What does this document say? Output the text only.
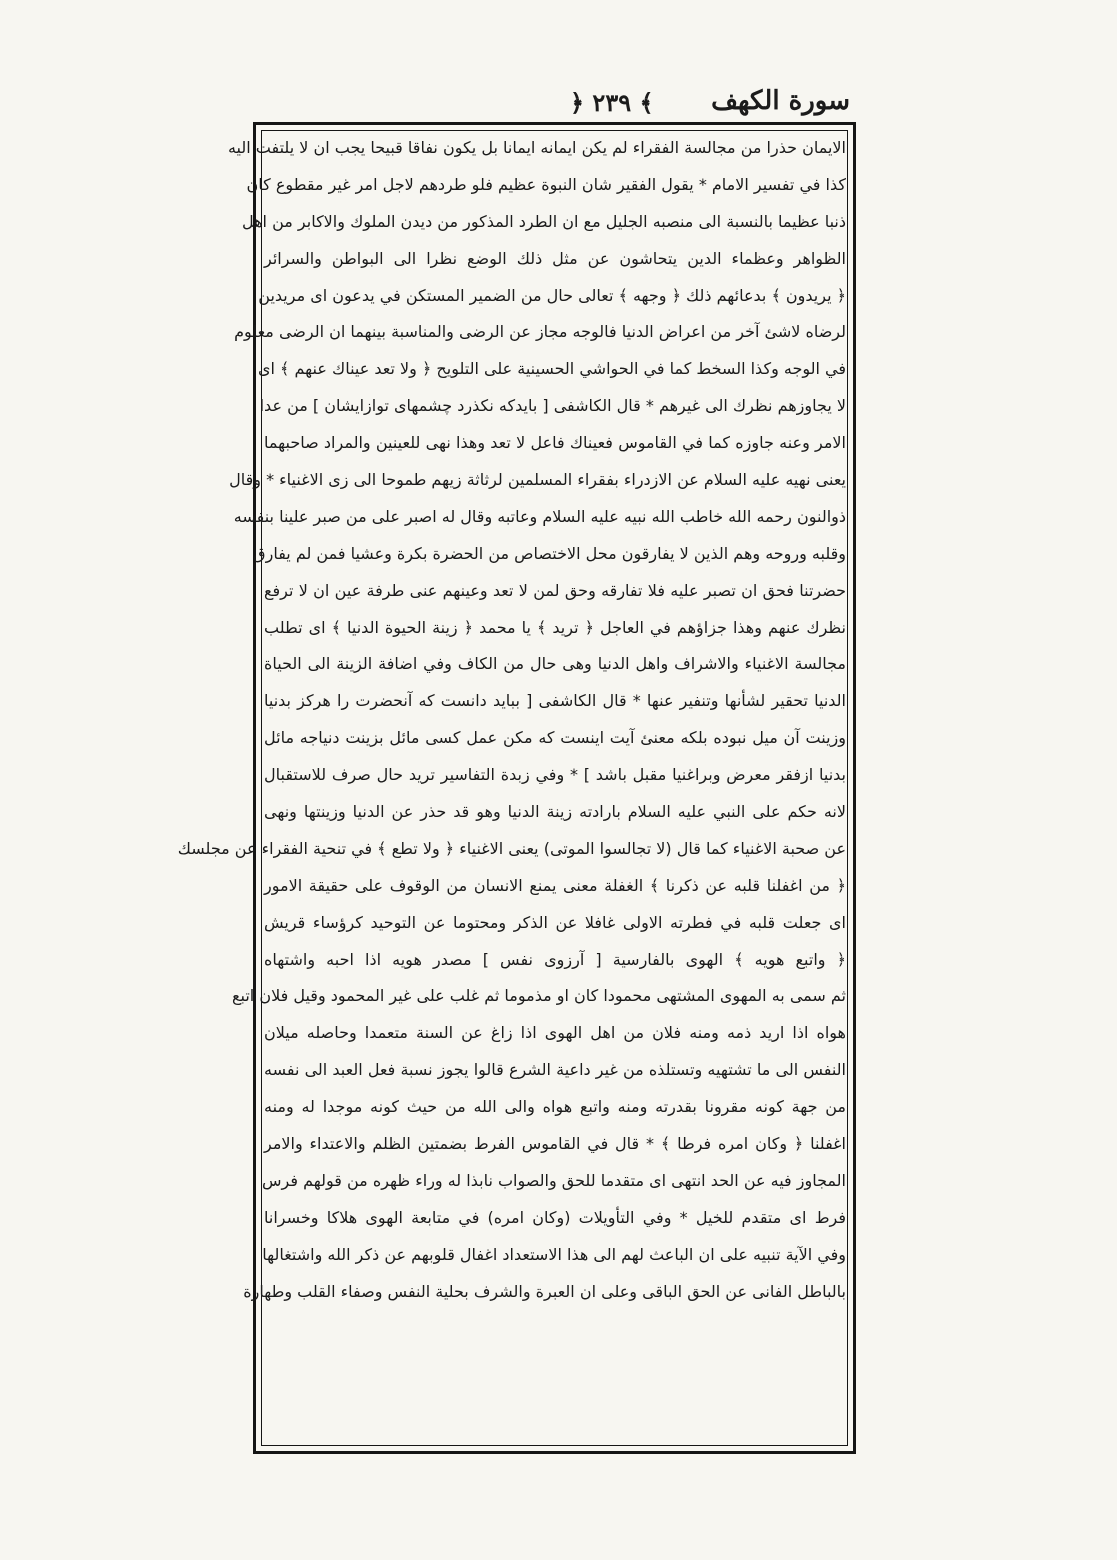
سورة الكهف
﴿ ٢٣٩ ﴾
الايمان حذرا من مجالسة الفقراء لم يكن ايمانه ايمانا بل يكون نفاقا قبيحا يجب ان لا يلتفت اليه
كذا في تفسير الامام * يقول الفقير شان النبوة عظيم فلو طردهم لاجل امر غير مقطوع كان
ذنبا عظيما بالنسبة الى منصبه الجليل مع ان الطرد المذكور من ديدن الملوك والاكابر من اهل
الظواهر وعظماء الدين يتحاشون عن مثل ذلك الوضع نظرا الى البواطن والسرائر
﴿ يريدون ﴾ بدعائهم ذلك ﴿ وجهه ﴾ تعالى حال من الضمير المستكن في يدعون اى مريدين
لرضاه لاشئ آخر من اعراض الدنيا فالوجه مجاز عن الرضى والمناسبة بينهما ان الرضى معلوم
في الوجه وكذا السخط كما في الحواشي الحسينية على التلويح ﴿ ولا تعد عيناك عنهم ﴾ اى
لا يجاوزهم نظرك الى غيرهم * قال الكاشفى [ بايدكه نكذرد چشمهاى توازايشان ] من عدا
الامر وعنه جاوزه كما في القاموس فعيناك فاعل لا تعد وهذا نهى للعينين والمراد صاحبهما
يعنى نهيه عليه السلام عن الازدراء بفقراء المسلمين لرثاثة زيهم طموحا الى زى الاغنياء * وقال
ذوالنون رحمه الله خاطب الله نبيه عليه السلام وعاتبه وقال له اصبر على من صبر علينا بنفسه
وقلبه وروحه وهم الذين لا يفارقون محل الاختصاص من الحضرة بكرة وعشيا فمن لم يفارق
حضرتنا فحق ان تصبر عليه فلا تفارقه وحق لمن لا تعد وعينهم عنى طرفة عين ان لا ترفع
نظرك عنهم وهذا جزاؤهم في العاجل ﴿ تريد ﴾ يا محمد ﴿ زينة الحيوة الدنيا ﴾ اى تطلب
مجالسة الاغنياء والاشراف واهل الدنيا وهى حال من الكاف وفي اضافة الزينة الى الحياة
الدنيا تحقير لشأنها وتنفير عنها * قال الكاشفى [ بباید دانست كه آنحضرت را هركز بدنيا
وزينت آن ميل نبوده بلكه معنئ آيت اينست كه مكن عمل كسى مائل بزينت دنياجه مائل
بدنيا ازفقر معرض وبراغنيا مقبل باشد ] * وفي زبدة التفاسير تريد حال صرف للاستقبال
لانه حكم على النبي عليه السلام بارادته زينة الدنيا وهو قد حذر عن الدنيا وزينتها ونهى
عن صحبة الاغنياء كما قال (لا تجالسوا الموتى) يعنى الاغنياء ﴿ ولا تطع ﴾ في تنحية الفقراء عن مجلسك
﴿ من اغفلنا قلبه عن ذكرنا ﴾ الغفلة معنى يمنع الانسان من الوقوف على حقيقة الامور
اى جعلت قلبه في فطرته الاولى غافلا عن الذكر ومحتوما عن التوحيد كرؤساء قريش
﴿ واتبع هويه ﴾ الهوى بالفارسية [ آرزوى نفس ] مصدر هويه اذا احبه واشتهاه
ثم سمى به المهوى المشتهى محمودا كان او مذموما ثم غلب على غير المحمود وقيل فلان اتبع
هواه اذا اريد ذمه ومنه فلان من اهل الهوى اذا زاغ عن السنة متعمدا وحاصله ميلان
النفس الى ما تشتهيه وتستلذه من غير داعية الشرع قالوا يجوز نسبة فعل العبد الى نفسه
من جهة كونه مقرونا بقدرته ومنه واتبع هواه والى الله من حيث كونه موجدا له ومنه
اغفلنا ﴿ وكان امره فرطا ﴾ * قال في القاموس الفرط بضمتين الظلم والاعتداء والامر
المجاوز فيه عن الحد انتهى اى متقدما للحق والصواب نابذا له وراء ظهره من قولهم فرس
فرط اى متقدم للخيل * وفي التأويلات (وكان امره) في متابعة الهوى هلاكا وخسرانا
وفي الآية تنبيه على ان الباعث لهم الى هذا الاستعداد اغفال قلوبهم عن ذكر الله واشتغالها
بالباطل الفانى عن الحق الباقى وعلى ان العبرة والشرف بحلية النفس وصفاء القلب وطهارة
